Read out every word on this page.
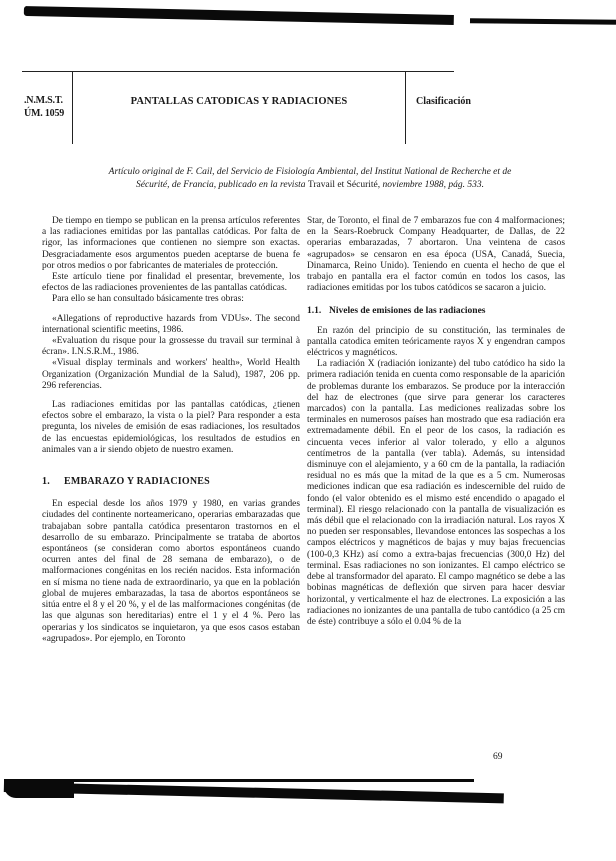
.N.M.S.T.
ÚM. 1059
PANTALLAS CATODICAS Y RADIACIONES	Clasificación
Artículo original de F. Cail, del Servicio de Fisiología Ambiental, del Institut National de Recherche et de
Sécurité, de Francia, publicado en la revista Travail et Sécurité, noviembre 1988, pág. 533.

De tiempo en tiempo se publican en la prensa artículos referentes a las radiaciones emitidas por las pantallas catódicas. Por falta de rigor, las informaciones que contienen no siempre son exactas. Desgraciadamente esos argumentos pueden aceptarse de buena fe por otros medios o por fabricantes de materiales de protección.

Este artículo tiene por finalidad el presentar, brevemente, los efectos de las radiaciones provenientes de las pantallas catódicas.

Para ello se han consultado básicamente tres obras:

«Allegations of reproductive hazards from VDUs». The second international scientific meetins, 1986.

«Evaluation du risque pour la grossesse du travail sur terminal à écran». I.N.S.R.M., 1986.

«Visual display terminals and workers' health», World Health Organization (Organización Mundial de la Salud), 1987, 206 pp. 296 referencias.

Las radiaciones emitidas por las pantallas catódicas, ¿tienen efectos sobre el embarazo, la vista o la piel? Para responder a esta pregunta, los niveles de emisión de esas radiaciones, los resultados de las encuestas epidemiológicas, los resultados de estudios en animales van a ir siendo objeto de nuestro examen.

1. EMBARAZO Y RADIACIONES

En especial desde los años 1979 y 1980, en varias grandes ciudades del continente norteamericano, operarias embarazadas que trabajaban sobre pantalla catódica presentaron trastornos en el desarrollo de su embarazo. Principalmente se trataba de abortos espontáneos (se consideran como abortos espontáneos cuando ocurren antes del final de 28 semana de embarazo), o de malformaciones congénitas en los recién nacidos. Esta información en sí misma no tiene nada de extraordinario, ya que en la población global de mujeres embarazadas, la tasa de abortos espontáneos se sitúa entre el 8 y el 20 %, y el de las malformaciones congénitas (de las que algunas son hereditarias) entre el 1 y el 4 %. Pero las operarias y los sindicatos se inquietaron, ya que esos casos estaban «agrupados». Por ejemplo, en Toronto

Star, de Toronto, el final de 7 embarazos fue con 4 malformaciones; en la Sears-Roebruck Company Headquarter, de Dallas, de 22 operarias embarazadas, 7 abortaron. Una veintena de casos «agrupados» se censaron en esa época (USA, Canadá, Suecia, Dinamarca, Reino Unido). Teniendo en cuenta el hecho de que el trabajo en pantalla era el factor común en todos los casos, las radiaciones emitidas por los tubos catódicos se sacaron a juicio.

1.1. Niveles de emisiones de las radiaciones

En razón del principio de su constitución, las terminales de pantalla catodica emiten teóricamente rayos X y engendran campos eléctricos y magnéticos.

La radiación X (radiación ionizante) del tubo catódico ha sido la primera radiación tenida en cuenta como responsable de la aparición de problemas durante los embarazos. Se produce por la interacción del haz de electrones (que sirve para generar los caracteres marcados) con la pantalla. Las mediciones realizadas sobre los terminales en numerosos países han mostrado que esa radiación era extremadamente débil. En el peor de los casos, la radiación es cincuenta veces inferior al valor tolerado, y ello a algunos centímetros de la pantalla (ver tabla). Además, su intensidad disminuye con el alejamiento, y a 60 cm de la pantalla, la radiación residual no es más que la mitad de la que es a 5 cm. Numerosas mediciones indican que esa radiación es indescernible del ruido de fondo (el valor obtenido es el mismo esté encendido o apagado el terminal). El riesgo relacionado con la pantalla de visualización es más débil que el relacionado con la irradiación natural. Los rayos X no pueden ser responsables, llevandose entonces las sospechas a los campos eléctricos y magnéticos de bajas y muy bajas frecuencias (100-0,3 KHz) así como a extra-bajas frecuencias (300,0 Hz) del terminal. Esas radiaciones no son ionizantes. El campo eléctrico se debe al transformador del aparato. El campo magnético se debe a las bobinas magnéticas de deflexión que sirven para hacer desviar horizontal, y verticalmente el haz de electrones. La exposición a las radiaciones no ionizantes de una pantalla de tubo cantódico (a 25 cm de éste) contribuye a sólo el 0.04 % de la

69
